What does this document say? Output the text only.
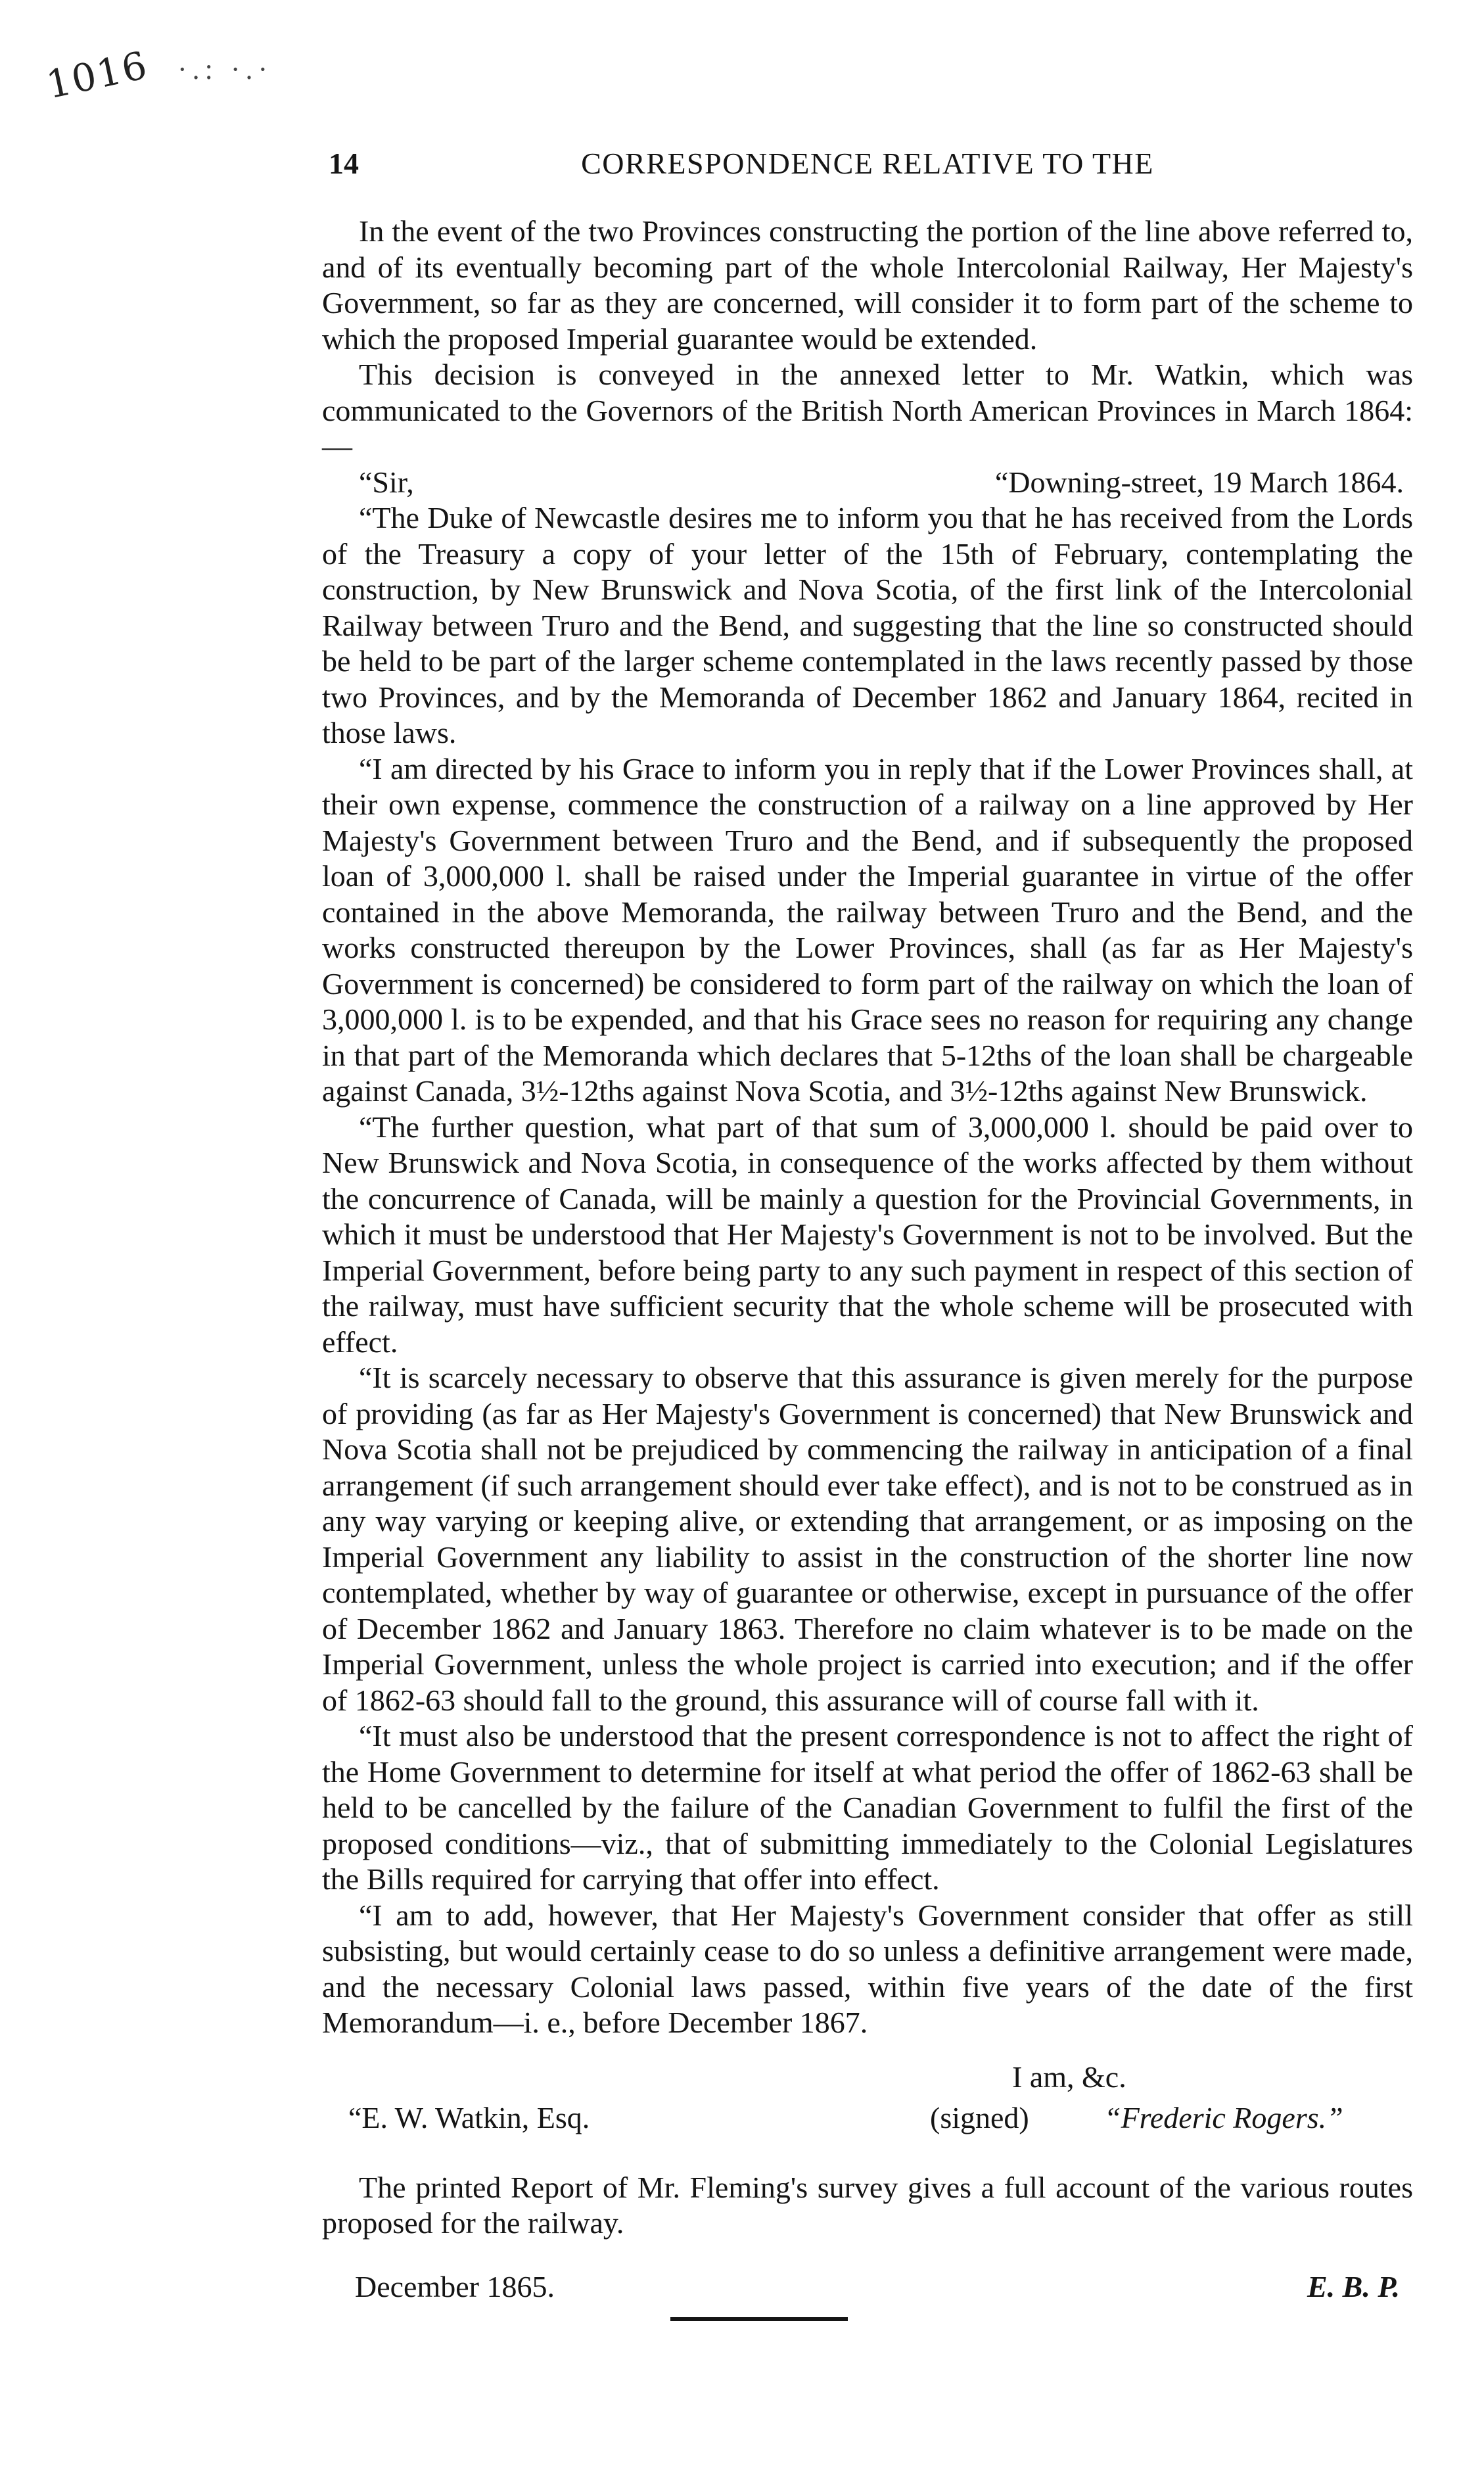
1016 ·.: ·.·
14	CORRESPONDENCE RELATIVE TO THE

In the event of the two Provinces constructing the portion of the line above referred to, and of its eventually becoming part of the whole Intercolonial Railway, Her Majesty's Government, so far as they are concerned, will consider it to form part of the scheme to which the proposed Imperial guarantee would be extended.

This decision is conveyed in the annexed letter to Mr. Watkin, which was communicated to the Governors of the British North American Provinces in March 1864:—

“Sir,	“Downing-street, 19 March 1864.

“The Duke of Newcastle desires me to inform you that he has received from the Lords of the Treasury a copy of your letter of the 15th of February, contemplating the construction, by New Brunswick and Nova Scotia, of the first link of the Intercolonial Railway between Truro and the Bend, and suggesting that the line so constructed should be held to be part of the larger scheme contemplated in the laws recently passed by those two Provinces, and by the Memoranda of December 1862 and January 1864, recited in those laws.

“I am directed by his Grace to inform you in reply that if the Lower Provinces shall, at their own expense, commence the construction of a railway on a line approved by Her Majesty's Government between Truro and the Bend, and if subsequently the proposed loan of 3,000,000 l. shall be raised under the Imperial guarantee in virtue of the offer contained in the above Memoranda, the railway between Truro and the Bend, and the works constructed thereupon by the Lower Provinces, shall (as far as Her Majesty's Government is concerned) be considered to form part of the railway on which the loan of 3,000,000 l. is to be expended, and that his Grace sees no reason for requiring any change in that part of the Memoranda which declares that 5-12ths of the loan shall be chargeable against Canada, 3½-12ths against Nova Scotia, and 3½-12ths against New Brunswick.

“The further question, what part of that sum of 3,000,000 l. should be paid over to New Brunswick and Nova Scotia, in consequence of the works affected by them without the concurrence of Canada, will be mainly a question for the Provincial Governments, in which it must be understood that Her Majesty's Government is not to be involved. But the Imperial Government, before being party to any such payment in respect of this section of the railway, must have sufficient security that the whole scheme will be prosecuted with effect.

“It is scarcely necessary to observe that this assurance is given merely for the purpose of providing (as far as Her Majesty's Government is concerned) that New Brunswick and Nova Scotia shall not be prejudiced by commencing the railway in anticipation of a final arrangement (if such arrangement should ever take effect), and is not to be construed as in any way varying or keeping alive, or extending that arrangement, or as imposing on the Imperial Government any liability to assist in the construction of the shorter line now contemplated, whether by way of guarantee or otherwise, except in pursuance of the offer of December 1862 and January 1863. Therefore no claim whatever is to be made on the Imperial Government, unless the whole project is carried into execution; and if the offer of 1862-63 should fall to the ground, this assurance will of course fall with it.

“It must also be understood that the present correspondence is not to affect the right of the Home Government to determine for itself at what period the offer of 1862-63 shall be held to be cancelled by the failure of the Canadian Government to fulfil the first of the proposed conditions—viz., that of submitting immediately to the Colonial Legislatures the Bills required for carrying that offer into effect.

“I am to add, however, that Her Majesty's Government consider that offer as still subsisting, but would certainly cease to do so unless a definitive arrangement were made, and the necessary Colonial laws passed, within five years of the date of the first Memorandum—i. e., before December 1867.

I am, &c.
“E. W. Watkin, Esq.	(signed) “Frederic Rogers.”

The printed Report of Mr. Fleming's survey gives a full account of the various routes proposed for the railway.

December 1865.	E. B. P.
